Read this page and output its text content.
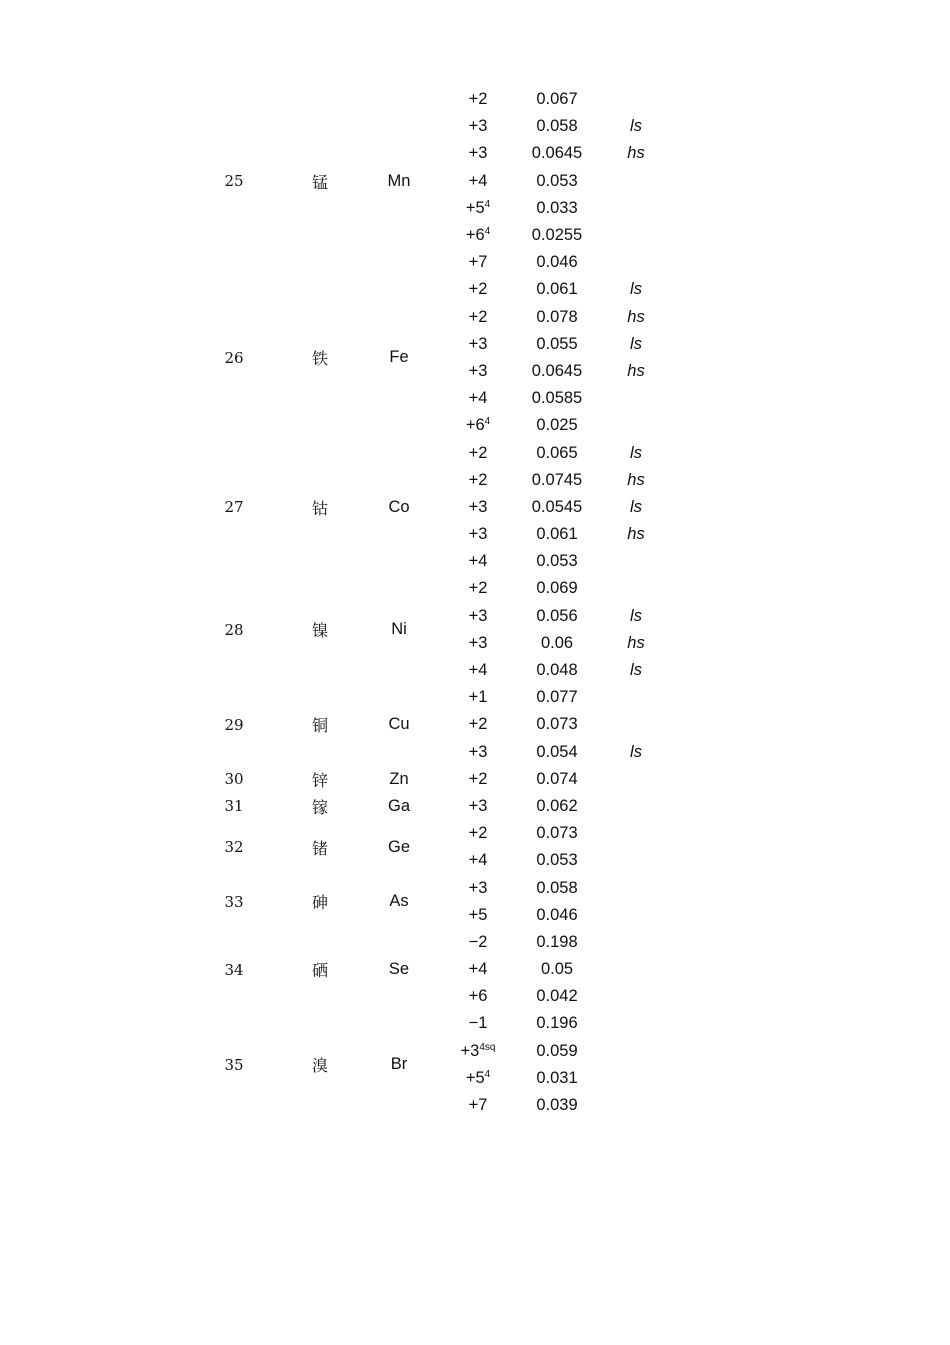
25	锰	Mn	+2	0.067	
			+3	0.058	ls
			+3	0.0645	hs
			+4	0.053	
			$+5^4$	0.033	
			$+6^4$	0.0255	
			+7	0.046	
26	铁	Fe	+2	0.061	ls
			+2	0.078	hs
			+3	0.055	ls
			+3	0.0645	hs
			+4	0.0585	
			$+6^4$	0.025	
27	钴	Co	+2	0.065	ls
			+2	0.0745	hs
			+3	0.0545	ls
			+3	0.061	hs
			+4	0.053	
28	镍	Ni	+2	0.069	
			+3	0.056	ls
			+3	0.06	hs
			+4	0.048	ls
29	铜	Cu	+1	0.077	
			+2	0.073	
			+3	0.054	ls
30	锌	Zn	+2	0.074	
31	镓	Ga	+3	0.062	
32	锗	Ge	+2	0.073	
			+4	0.053	
33	砷	As	+3	0.058	
			+5	0.046	
34	硒	Se	−2	0.198	
			+4	0.05	
			+6	0.042	
35	溴	Br	−1	0.196	
			$+3^{4sq}$	0.059	
			$+5^4$	0.031	
			+7	0.039	
